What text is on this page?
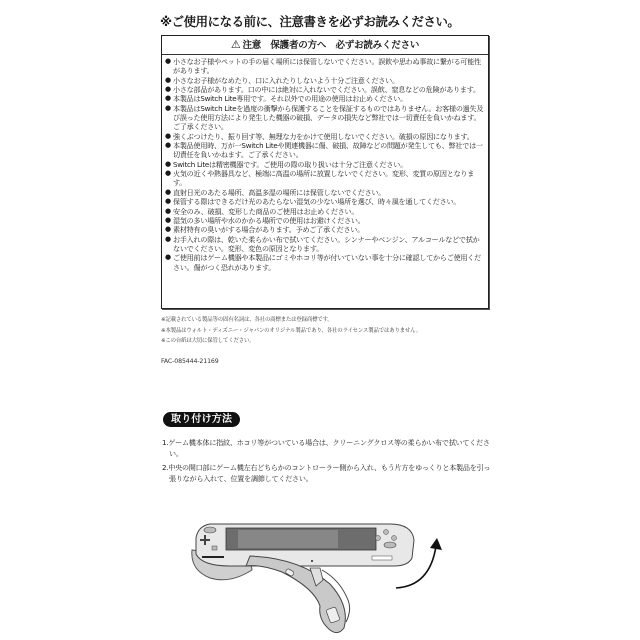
※ご使用になる前に、注意書きを必ずお読みください。
⚠ 注意　保護者の方へ　必ずお読みください
● 小さなお子様やペットの手の届く場所には保管しないでください。誤飲や思わぬ事故に繋がる可能性があります。
● 小さなお子様がなめたり、口に入れたりしないよう十分ご注意ください。
● 小さな部品があります。口の中には絶対に入れないでください。誤飲、窒息などの危険があります。
● 本製品はSwitch Lite専用です。それ以外での用途の使用はお止めください。
● 本製品はSwitch Liteを過度の衝撃から保護することを保証するものではありません。お客様の過失及び誤った使用方法により発生した機器の破損、データの損失など弊社では一切責任を負いかねます。ご了承ください。
● 強くぶつけたり、振り回す等、無理な力をかけて使用しないでください。破損の原因になります。
● 本製品使用時、万が一Switch Liteや関連機器に傷、破損、故障などの問題が発生しても、弊社では一切責任を負いかねます。ご了承ください。
● Switch Liteは精密機器です。ご使用の際の取り扱いは十分ご注意ください。
● 火気の近くや熱器具など、極端に高温の場所に放置しないでください。変形、変質の原因となります。
● 直射日光のあたる場所、高温多湿の場所には保管しないでください。
● 保管する際はできるだけ光のあたらない湿気の少ない場所を選び、時々風を通してください。
● 安全のみ、破損、変形した商品のご使用はお止めください。
● 湿気の多い場所や水のかかる場所での使用はお避けください。
● 素材特有の臭いがする場合があります。予めご了承ください。
● お手入れの際は、乾いた柔らかい布で拭いてください。シンナーやベンジン、アルコールなどで拭かないでください。変形、変色の原因となります。
● ご使用前はゲーム機器や本製品にゴミやホコリ等が付いていない事を十分に確認してからご使用ください。傷がつく恐れがあります。

※記載されている製品等の固有名詞は、各社の商標または登録商標です。

※本製品はウォルト・ディズニー・ジャパンのオリジナル製品であり、各社のライセンス製品ではありません。

※この台紙は大切に保管してください。

FAC-085444-21169
取り付け方法
1.ゲーム機本体に指紋、ホコリ等がついている場合は、クリーニングクロス等の柔らかい布で拭いてください。
2.中央の開口部にゲーム機左右どちらかのコントローラー側から入れ、もう片方をゆっくりと本製品を引っ張りながら入れて、位置を調節してください。
